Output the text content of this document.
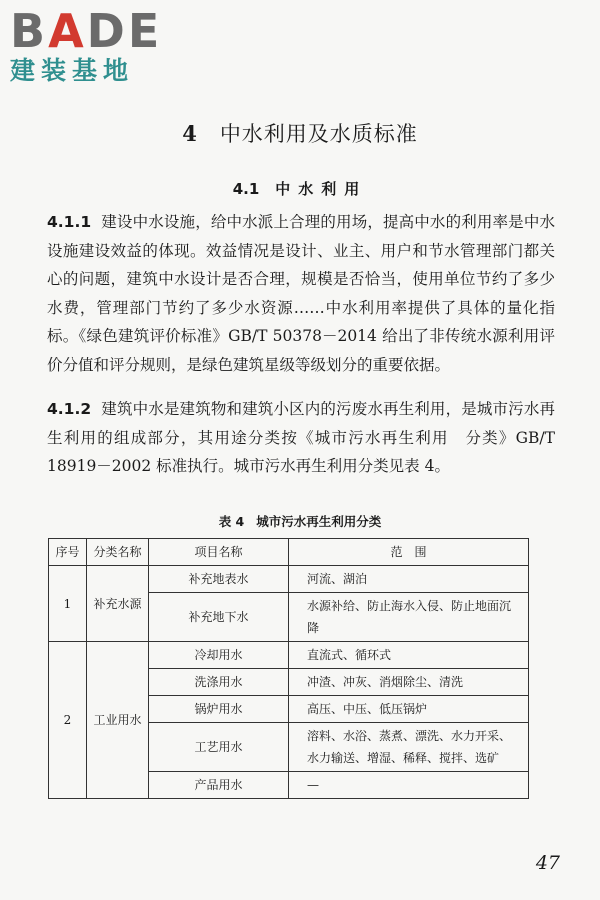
BADE
建装基地
4 中水利用及水质标准
4.1 中水利用
4.1.1 建设中水设施，给中水派上合理的用场，提高中水的利用率是中水设施建设效益的体现。效益情况是设计、业主、用户和节水管理部门都关心的问题，建筑中水设计是否合理，规模是否恰当，使用单位节约了多少水费，管理部门节约了多少水资源……中水利用率提供了具体的量化指标。《绿色建筑评价标准》GB/T 50378－2014 给出了非传统水源利用评价分值和评分规则，是绿色建筑星级等级划分的重要依据。
4.1.2 建筑中水是建筑物和建筑小区内的污废水再生利用，是城市污水再生利用的组成部分，其用途分类按《城市污水再生利用　分类》GB/T 18919－2002 标准执行。城市污水再生利用分类见表 4。
表 4 城市污水再生利用分类
序号	分类名称	项目名称	范　围
1	补充水源	补充地表水	河流、湖泊
		补充地下水	水源补给、防止海水入侵、防止地面沉降
2	工业用水	冷却用水	直流式、循环式
		洗涤用水	冲渣、冲灰、消烟除尘、清洗
		锅炉用水	高压、中压、低压锅炉
		工艺用水	溶料、水浴、蒸煮、漂洗、水力开采、水力输送、增湿、稀释、搅拌、选矿
		产品用水	—
47
